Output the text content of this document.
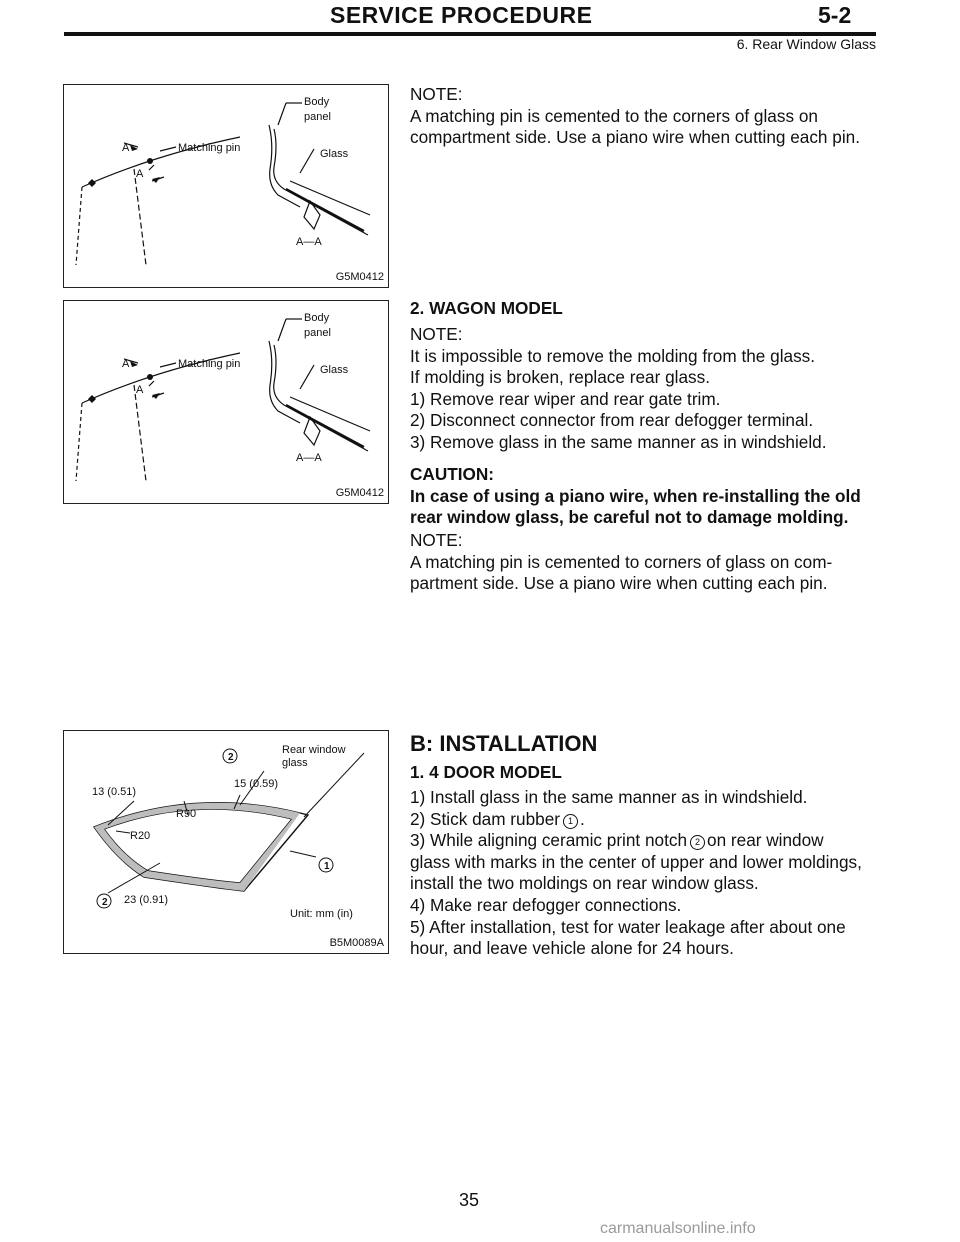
SERVICE PROCEDURE	5-2
6. Rear Window Glass
A
A
Matching pin
Body
panel
Glass
A—A
G5M0412
NOTE:
A matching pin is cemented to the corners of glass on
compartment side. Use a piano wire when cutting each pin.
A
A
Matching pin
Body
panel
Glass
A—A
G5M0412
2. WAGON MODEL
NOTE:
It is impossible to remove the molding from the glass.
If molding is broken, replace rear glass.
1) Remove rear wiper and rear gate trim.
2) Disconnect connector from rear defogger terminal.
3) Remove glass in the same manner as in windshield.
CAUTION:
In case of using a piano wire, when re-installing the old
rear window glass, be careful not to damage molding.
NOTE:
A matching pin is cemented to corners of glass on com-
partment side. Use a piano wire when cutting each pin.
2
Rear window
glass
15 (0.59)
13 (0.51)
R90
R20
1
2 23 (0.91)
Unit: mm (in)
B5M0089A
B: INSTALLATION
1. 4 DOOR MODEL
1) Install glass in the same manner as in windshield.
2) Stick dam rubber 1 .
3) While aligning ceramic print notch 2 on rear window
glass with marks in the center of upper and lower moldings,
install the two moldings on rear window glass.
4) Make rear defogger connections.
5) After installation, test for water leakage after about one
hour, and leave vehicle alone for 24 hours.
35
carmanualsonline.info
